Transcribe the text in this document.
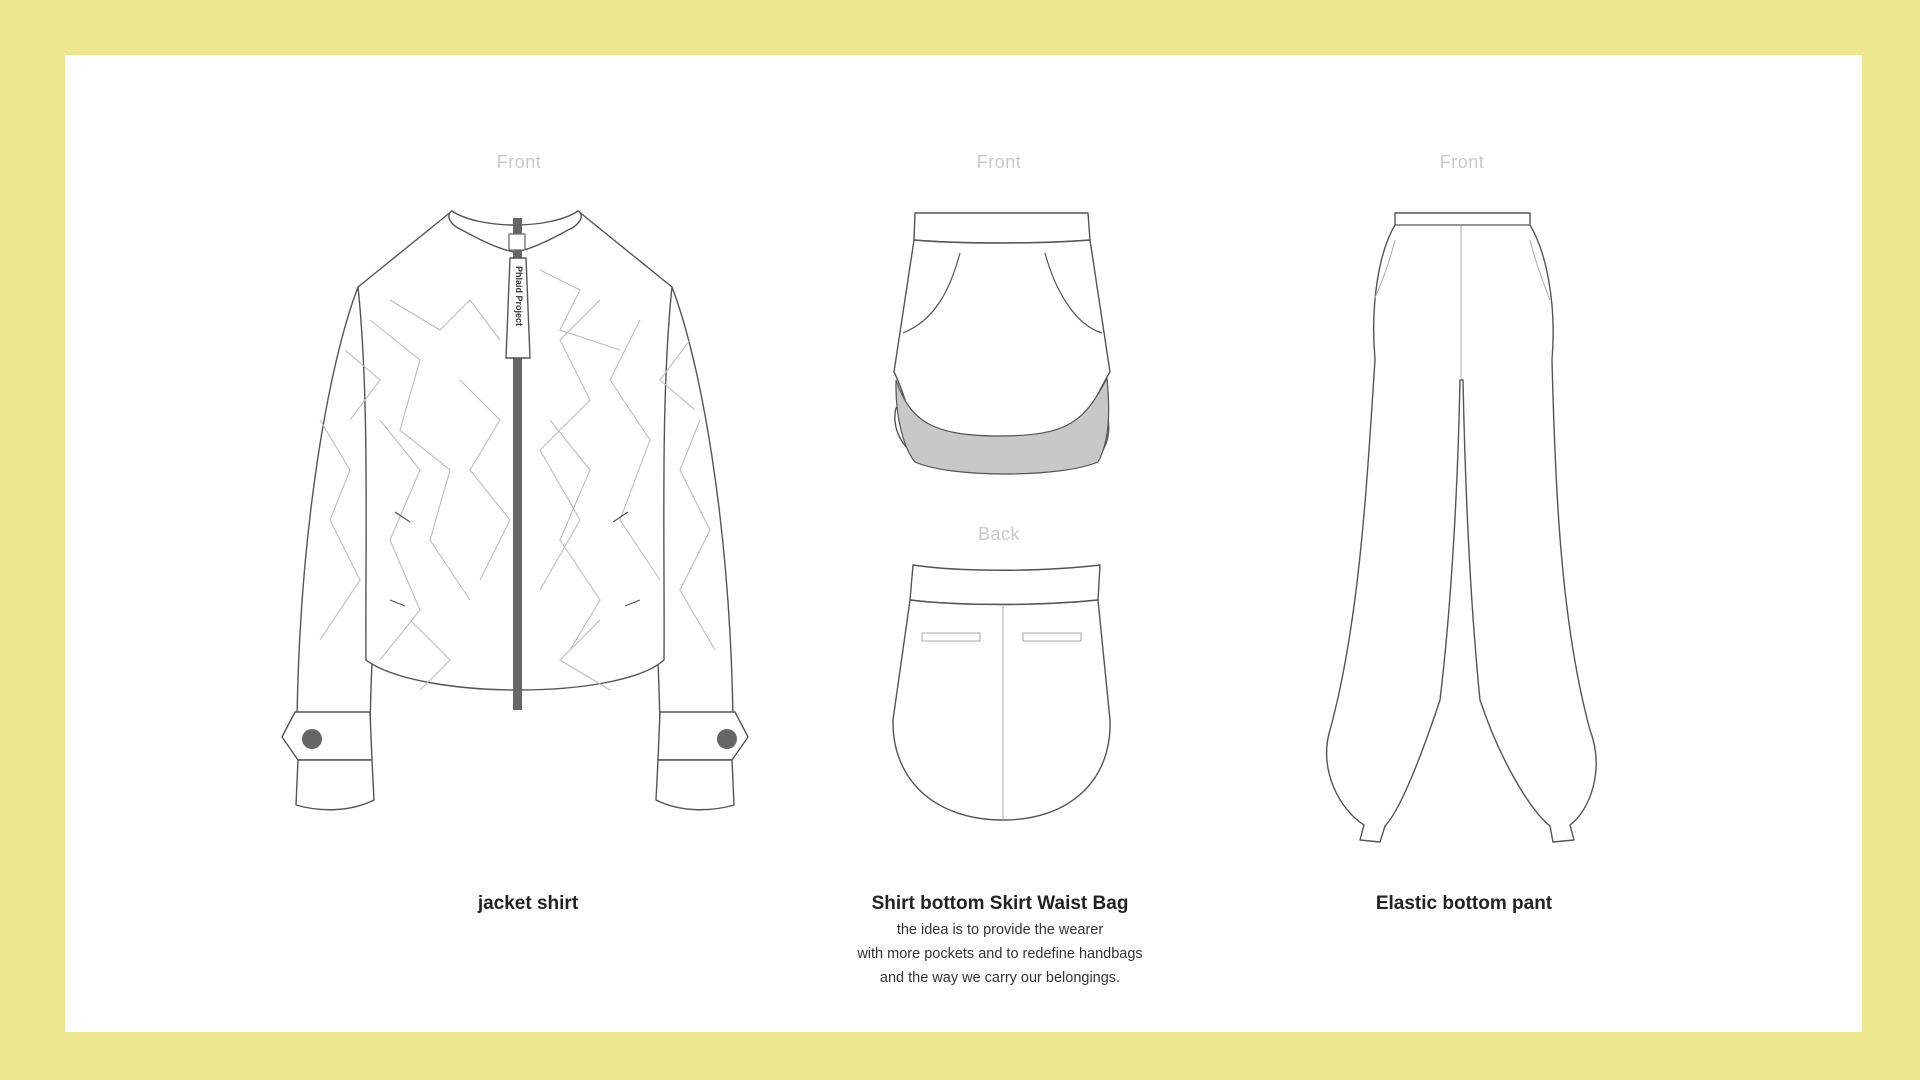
Front	Front
Back
Front
Phlaid Project
jacket shirt	Shirt bottom Skirt Waist Bag
the idea is to provide the wearer
with more pockets and to redefine handbags
and the way we carry our belongings.
Elastic bottom pant
